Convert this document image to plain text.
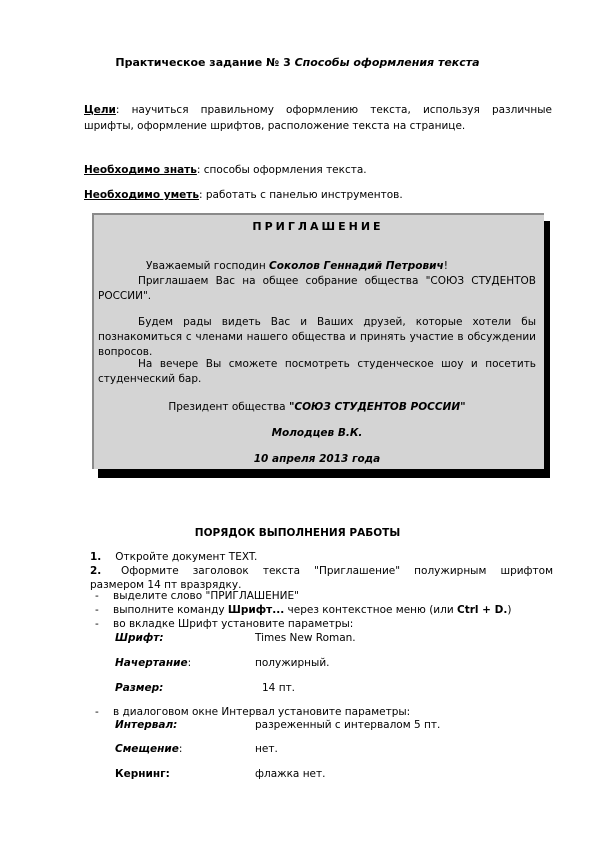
Практическое задание № 3 Способы оформления текста
Цели: научиться правильному оформлению текста, используя различные шрифты, оформление шрифтов, расположение текста на странице.
Необходимо знать: способы оформления текста.
Необходимо уметь: работать с панелью инструментов.
ПРИГЛАШЕНИЕ
Уважаемый господин Соколов Геннадий Петрович!
Приглашаем Вас на общее собрание общества "СОЮЗ СТУДЕНТОВ РОССИИ".
Будем рады видеть Вас и Ваших друзей, которые хотели бы познакомиться с членами нашего общества и принять участие в обсуждении вопросов.
На вечере Вы сможете посмотреть студенческое шоу и посетить студенческий бар.
Президент общества "СОЮЗ СТУДЕНТОВ РОССИИ"
Молодцев В.К.
10 апреля 2013 года
ПОРЯДОК ВЫПОЛНЕНИЯ РАБОТЫ
1. Откройте документ TEXT.
2.	Оформите заголовок текста "Приглашение" полужирным шрифтом размером 14 пт вразрядку.
- выделите слово "ПРИГЛАШЕНИЕ"
- выполните команду Шрифт... через контекстное меню (или Ctrl + D.)
- во вкладке Шрифт установите параметры:
Шрифт:	Times New Roman.
Начертание:	полужирный.
Размер:	14 пт.
- в диалоговом окне Интервал установите параметры:
Интервал:	разреженный с интервалом 5 пт.
Смещение:	нет.
Кернинг:	флажка нет.
